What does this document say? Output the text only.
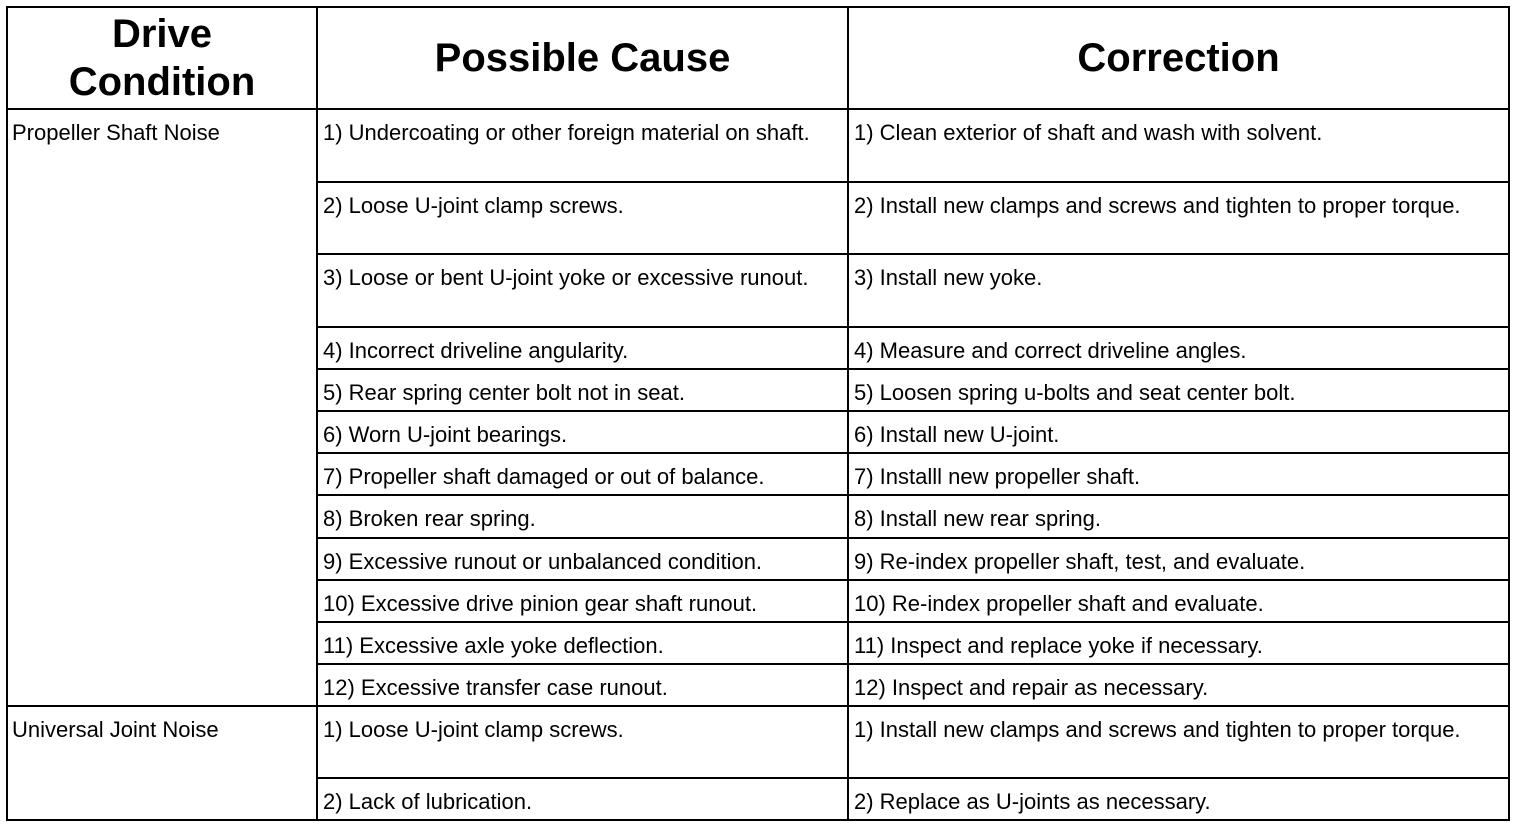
Drive Condition	Possible Cause	Correction
Propeller Shaft Noise	1) Undercoating or other foreign material on shaft.	1) Clean exterior of shaft and wash with solvent.
	2) Loose U-joint clamp screws.	2) Install new clamps and screws and tighten to proper torque.
	3) Loose or bent U-joint yoke or excessive runout.	3) Install new yoke.
	4) Incorrect driveline angularity.	4) Measure and correct driveline angles.
	5) Rear spring center bolt not in seat.	5) Loosen spring u-bolts and seat center bolt.
	6) Worn U-joint bearings.	6) Install new U-joint.
	7) Propeller shaft damaged or out of balance.	7) Installl new propeller shaft.
	8) Broken rear spring.	8) Install new rear spring.
	9) Excessive runout or unbalanced condition.	9) Re-index propeller shaft, test, and evaluate.
	10) Excessive drive pinion gear shaft runout.	10) Re-index propeller shaft and evaluate.
	11) Excessive axle yoke deflection.	11) Inspect and replace yoke if necessary.
	12) Excessive transfer case runout.	12) Inspect and repair as necessary.
Universal Joint Noise	1) Loose U-joint clamp screws.	1) Install new clamps and screws and tighten to proper torque.
	2) Lack of lubrication.	2) Replace as U-joints as necessary.
